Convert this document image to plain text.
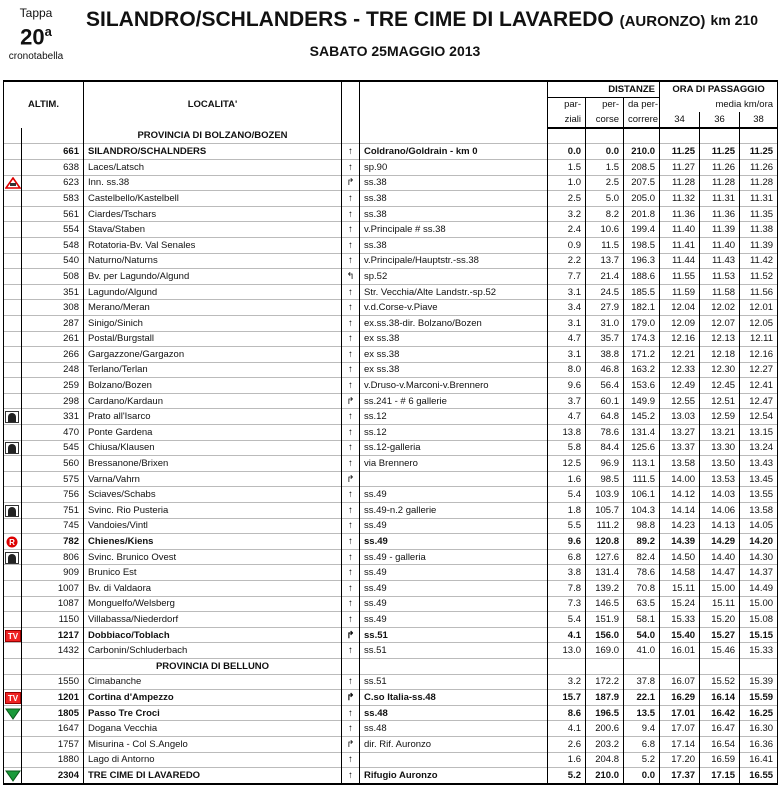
Tappa
20$^a$
cronotabella
SILANDRO/SCHLANDERS - TRE CIME DI LAVAREDO (AURONZO) km 210
SABATO 25MAGGIO 2013
ALTIM.		LOCALITA'			DISTANZE			ORA DI PASSAGGIO		
					par-	per-	da per-	media km/ora		
					ziali	corse	correre	34	36	38
		PROVINCIA DI BOLZANO/BOZEN								
	661	SILANDRO/SCHALNDERS	↑	Coldrano/Goldrain - km 0	0.0	0.0	210.0	11.25	11.25	11.25
	638	Laces/Latsch	↑	sp.90	1.5	1.5	208.5	11.27	11.26	11.26
	623	Inn. ss.38	↱	ss.38	1.0	2.5	207.5	11.28	11.28	11.28
	583	Castelbello/Kastelbell	↑	ss.38	2.5	5.0	205.0	11.32	11.31	11.31
	561	Ciardes/Tschars	↑	ss.38	3.2	8.2	201.8	11.36	11.36	11.35
	554	Stava/Staben	↑	v.Principale # ss.38	2.4	10.6	199.4	11.40	11.39	11.38
	548	Rotatoria-Bv. Val Senales	↑	ss.38	0.9	11.5	198.5	11.41	11.40	11.39
	540	Naturno/Naturns	↑	v.Principale/Hauptstr.-ss.38	2.2	13.7	196.3	11.44	11.43	11.42
	508	Bv. per Lagundo/Algund	↰	sp.52	7.7	21.4	188.6	11.55	11.53	11.52
	351	Lagundo/Algund	↑	Str. Vecchia/Alte Landstr.-sp.52	3.1	24.5	185.5	11.59	11.58	11.56
	308	Merano/Meran	↑	v.d.Corse-v.Piave	3.4	27.9	182.1	12.04	12.02	12.01
	287	Sinigo/Sinich	↑	ex.ss.38-dir. Bolzano/Bozen	3.1	31.0	179.0	12.09	12.07	12.05
	261	Postal/Burgstall	↑	ex ss.38	4.7	35.7	174.3	12.16	12.13	12.11
	266	Gargazzone/Gargazon	↑	ex ss.38	3.1	38.8	171.2	12.21	12.18	12.16
	248	Terlano/Terlan	↑	ex ss.38	8.0	46.8	163.2	12.33	12.30	12.27
	259	Bolzano/Bozen	↑	v.Druso-v.Marconi-v.Brennero	9.6	56.4	153.6	12.49	12.45	12.41
	298	Cardano/Kardaun	↱	ss.241 - # 6 gallerie	3.7	60.1	149.9	12.55	12.51	12.47
	331	Prato all'Isarco	↑	ss.12	4.7	64.8	145.2	13.03	12.59	12.54
	470	Ponte Gardena	↑	ss.12	13.8	78.6	131.4	13.27	13.21	13.15
	545	Chiusa/Klausen	↑	ss.12-galleria	5.8	84.4	125.6	13.37	13.30	13.24
	560	Bressanone/Brixen	↑	via Brennero	12.5	96.9	113.1	13.58	13.50	13.43
	575	Varna/Vahrn	↱		1.6	98.5	111.5	14.00	13.53	13.45
	756	Sciaves/Schabs	↑	ss.49	5.4	103.9	106.1	14.12	14.03	13.55
	751	Svinc. Rio Pusteria	↑	ss.49-n.2 gallerie	1.8	105.7	104.3	14.14	14.06	13.58
	745	Vandoies/Vintl	↑	ss.49	5.5	111.2	98.8	14.23	14.13	14.05

R	782	Chienes/Kiens	↑	ss.49	9.6	120.8	89.2	14.39	14.29	14.20
	806	Svinc. Brunico Ovest	↑	ss.49 - galleria	6.8	127.6	82.4	14.50	14.40	14.30
	909	Brunico Est	↑	ss.49	3.8	131.4	78.6	14.58	14.47	14.37
	1007	Bv. di Valdaora	↑	ss.49	7.8	139.2	70.8	15.11	15.00	14.49
	1087	Monguelfo/Welsberg	↑	ss.49	7.3	146.5	63.5	15.24	15.11	15.00
	1150	Villabassa/Niederdorf	↑	ss.49	5.4	151.9	58.1	15.33	15.20	15.08

TV	1217	Dobbiaco/Toblach	↱	ss.51	4.1	156.0	54.0	15.40	15.27	15.15
	1432	Carbonin/Schluderbach	↑	ss.51	13.0	169.0	41.0	16.01	15.46	15.33
		PROVINCIA DI BELLUNO								
	1550	Cimabanche	↑	ss.51	3.2	172.2	37.8	16.07	15.52	15.39

TV	1201	Cortina d'Ampezzo	↱	C.so Italia-ss.48	15.7	187.9	22.1	16.29	16.14	15.59
	1805	Passo Tre Croci	↑	ss.48	8.6	196.5	13.5	17.01	16.42	16.25
	1647	Dogana Vecchia	↑	ss.48	4.1	200.6	9.4	17.07	16.47	16.30
	1757	Misurina - Col S.Angelo	↱	dir. Rif. Auronzo	2.6	203.2	6.8	17.14	16.54	16.36
	1880	Lago di Antorno	↑		1.6	204.8	5.2	17.20	16.59	16.41
	2304	TRE CIME DI LAVAREDO	↑	Rifugio Auronzo	5.2	210.0	0.0	17.37	17.15	16.55
